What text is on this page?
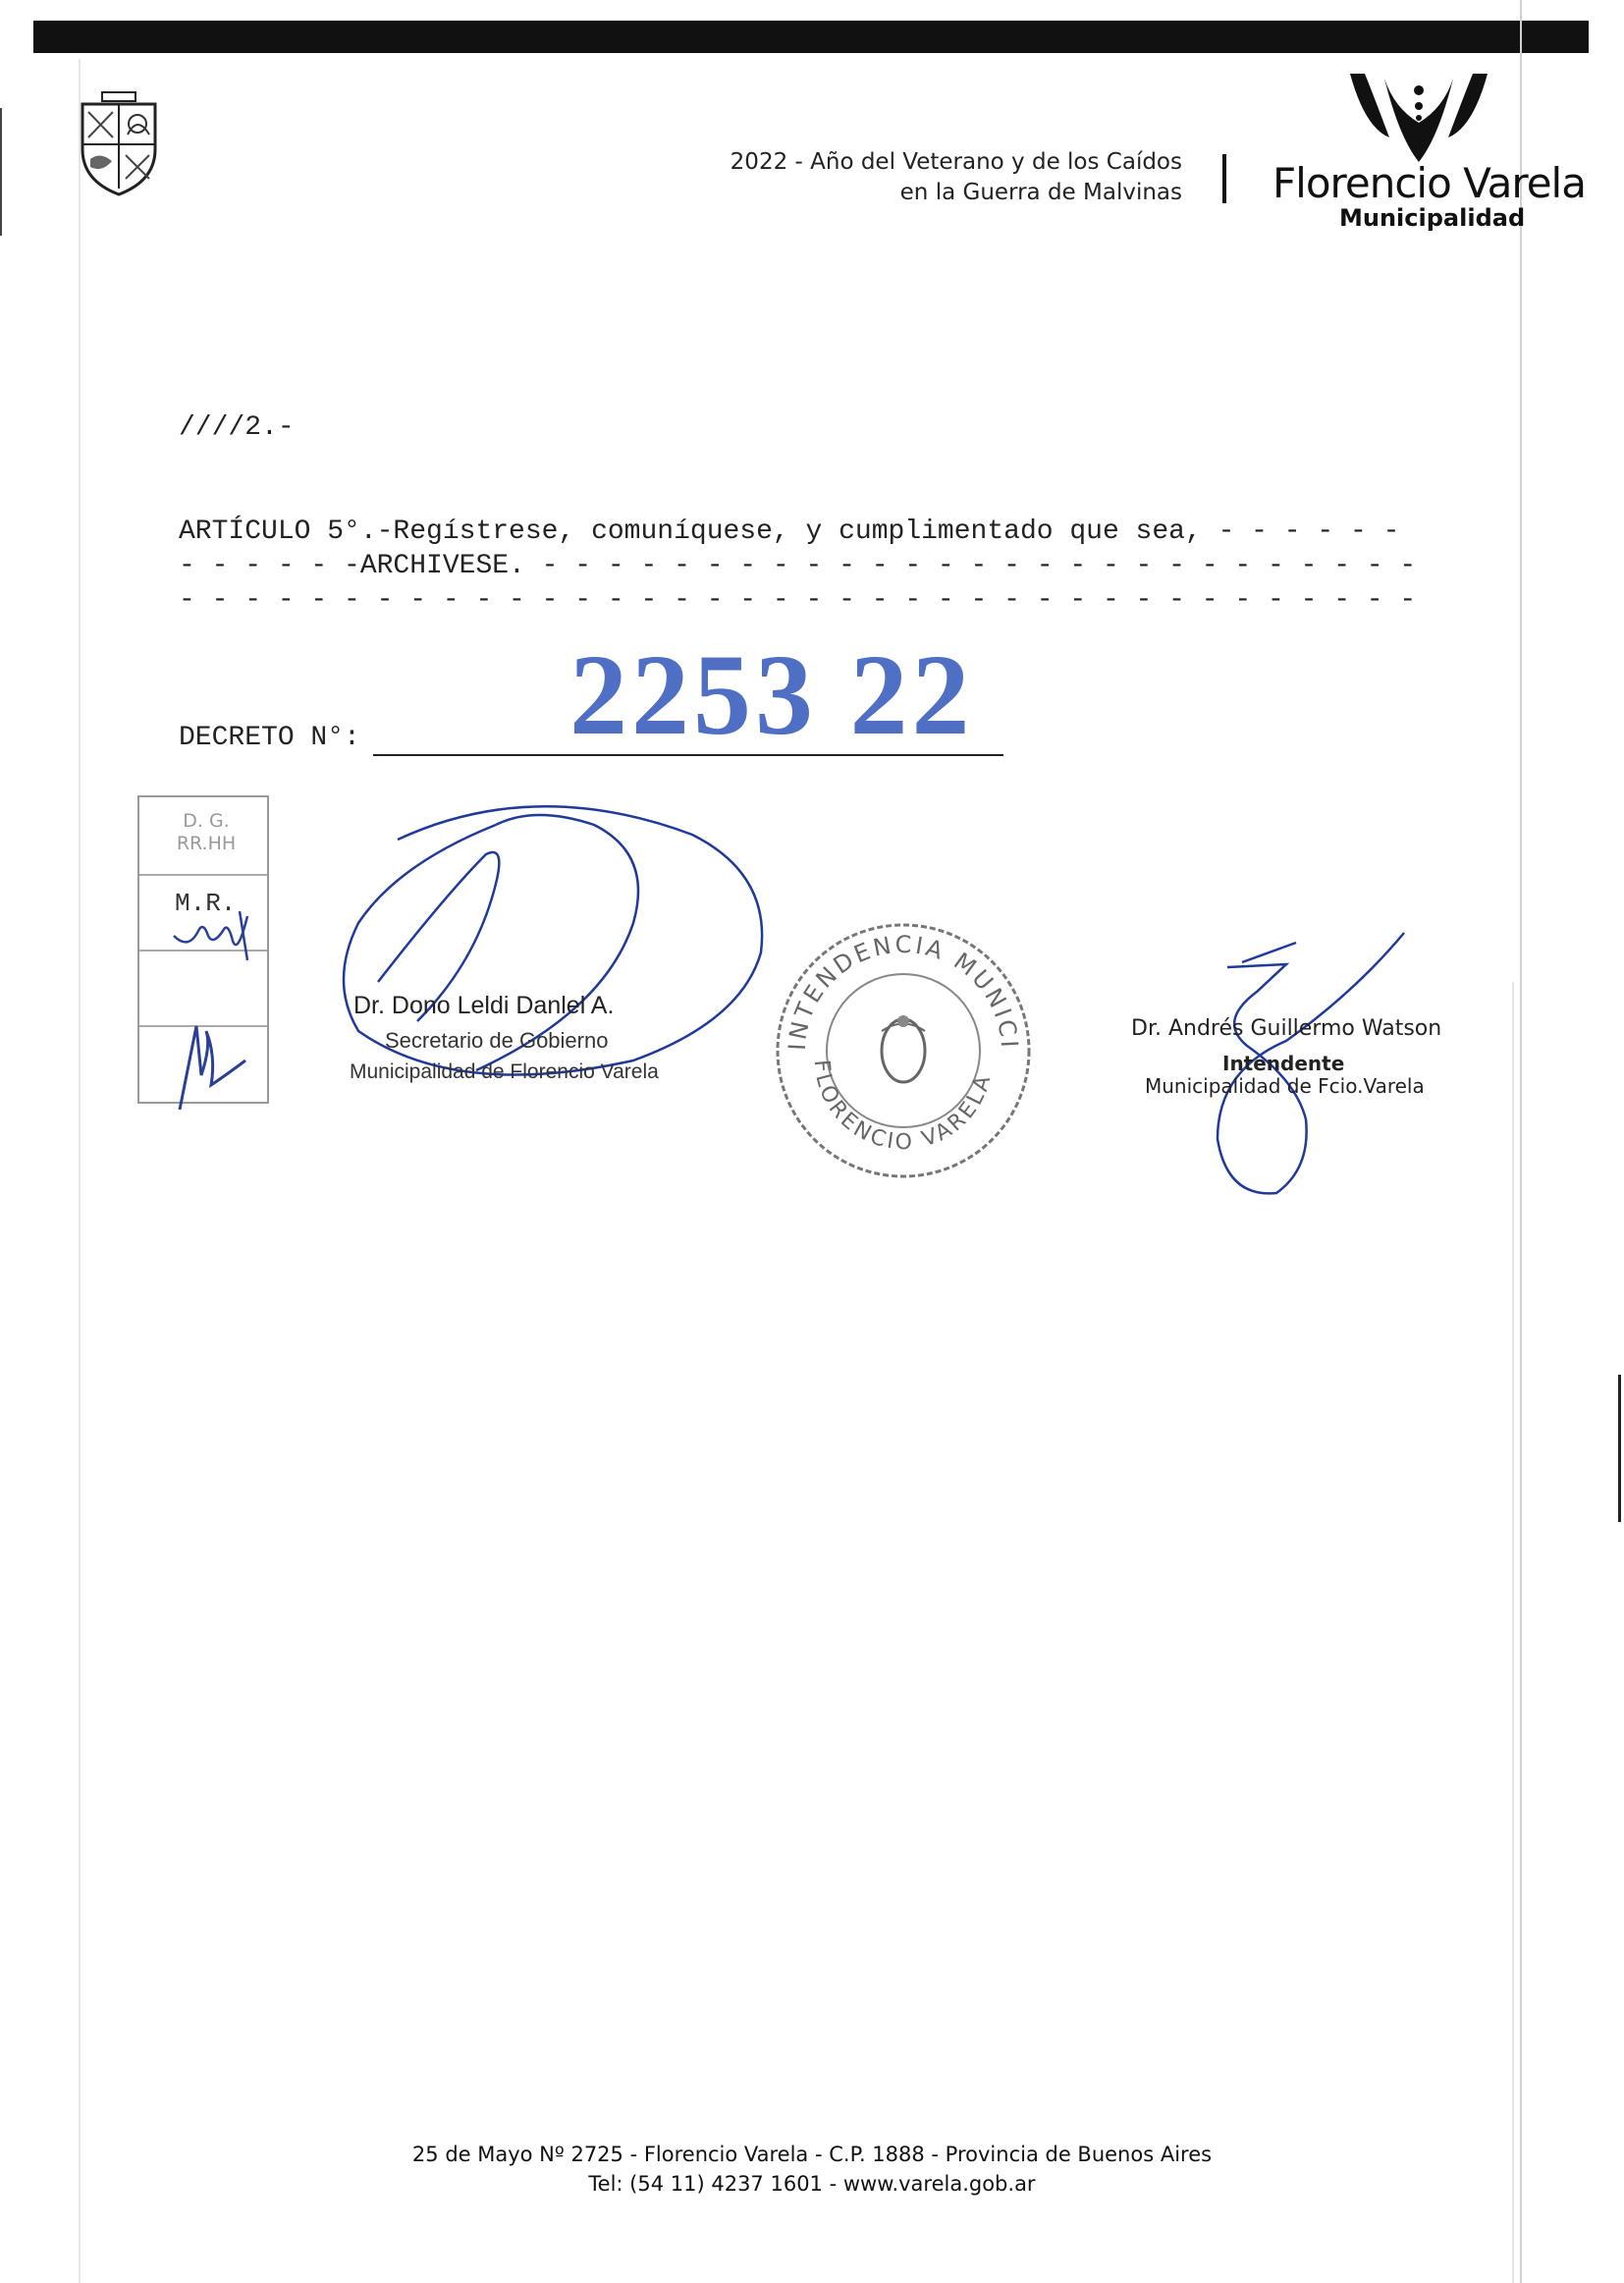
2022 - Año del Veterano y de los Caídos
en la Guerra de Malvinas Florencio Varela
Municipalidad
////2.-
ARTÍCULO 5°.-Regístrese, comuníquese, y cumplimentado que sea, - - - - - -
- - - - - -ARCHIVESE. - - - - - - - - - - - - - - - - - - - - - - - - - - -
- - - - - - - - - - - - - - - - - - - - - - - - - - - - - - - - - - - - - -
DECRETO N°: 2253 22
D. G.
RR.HH
M.R.
Dr. Dono Leldi Danlel A.
Secretario de Gobierno
Municipalidad de Florencio Varela
INTENDENCIA MUNICI
FLORENCIO VARELA
Dr. Andrés Guillermo Watson
Intendente
Municipalidad de Fcio.Varela
25 de Mayo Nº 2725 - Florencio Varela - C.P. 1888 - Provincia de Buenos Aires
Tel: (54 11) 4237 1601 - www.varela.gob.ar
